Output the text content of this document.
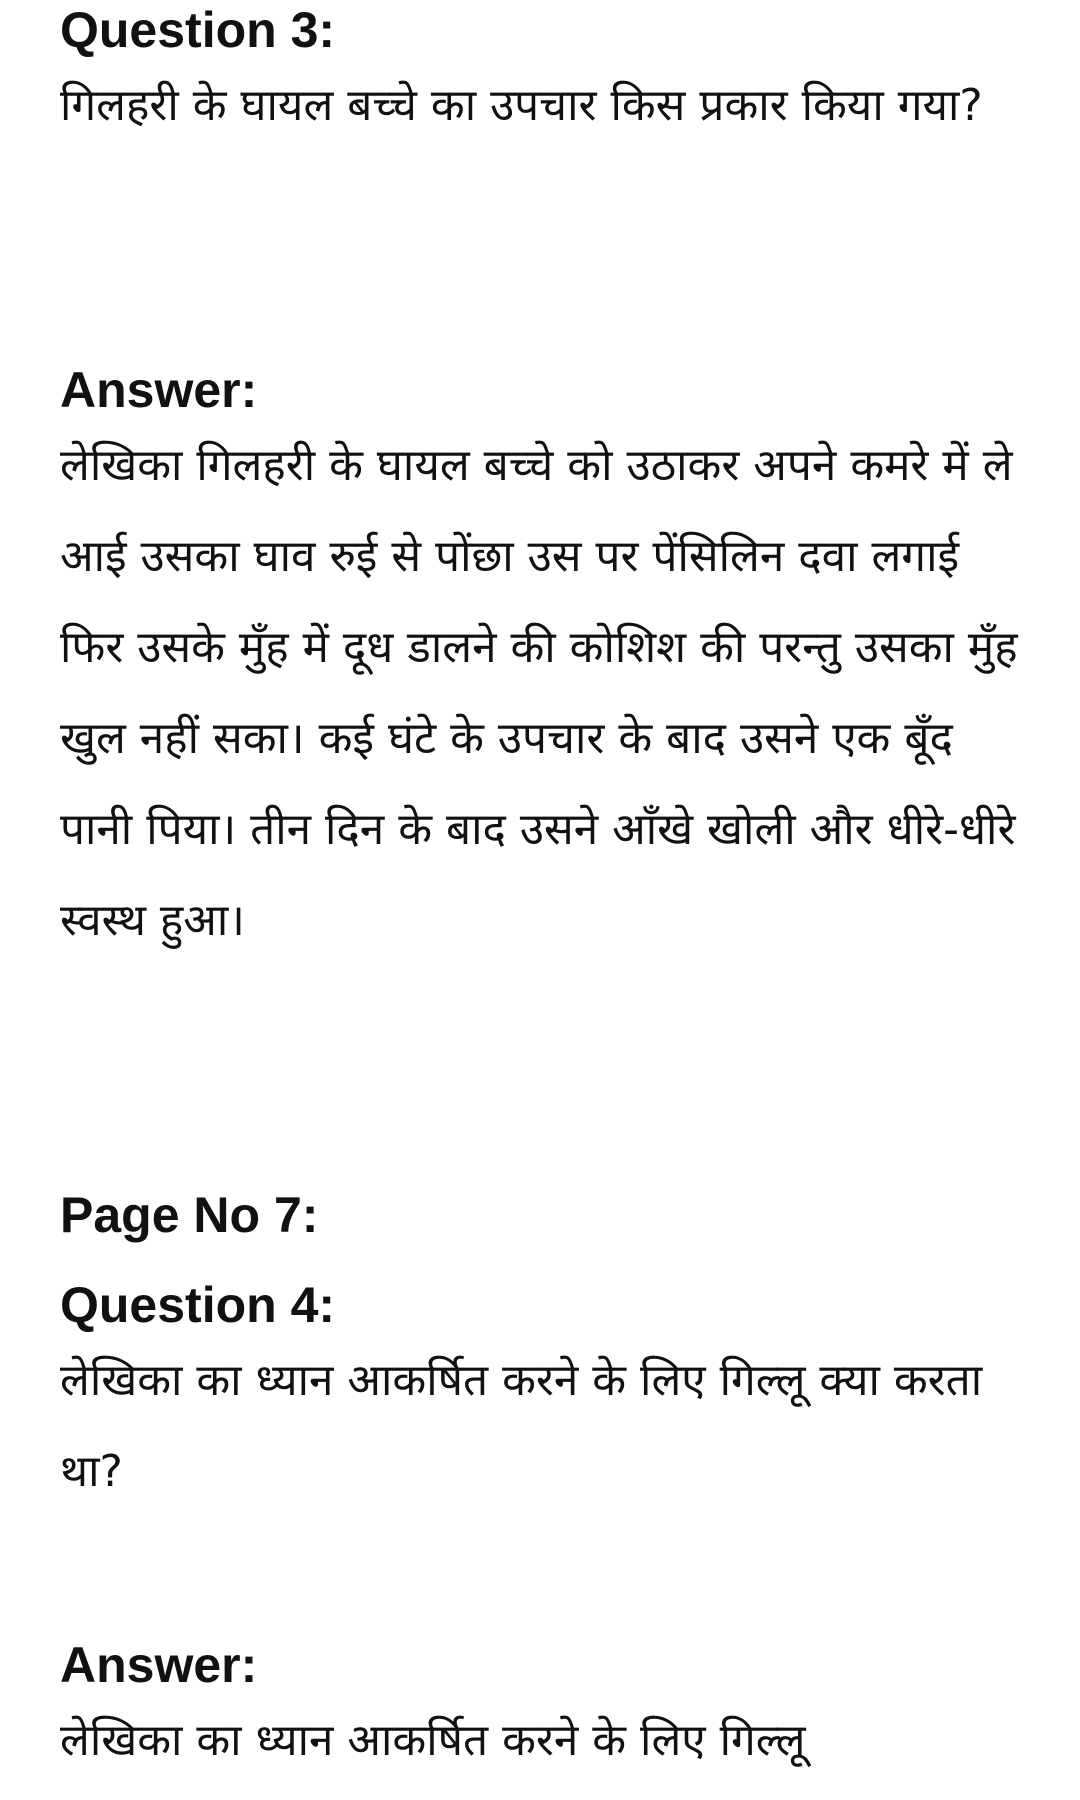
Question 3:

गिलहरी के घायल बच्चे का उपचार किस प्रकार किया गया?

Answer:

लेखिका गिलहरी के घायल बच्चे को उठाकर अपने कमरे में ले आई उसका घाव रुई से पोंछा उस पर पेंसिलिन दवा लगाई फिर उसके मुँह में दूध डालने की कोशिश की परन्तु उसका मुँह खुल नहीं सका। कई घंटे के उपचार के बाद उसने एक बूँद पानी पिया। तीन दिन के बाद उसने आँखे खोली और धीरे-धीरे स्वस्थ हुआ।

Page No 7:
Question 4:

लेखिका का ध्यान आकर्षित करने के लिए गिल्लू क्या करता था?

Answer:

लेखिका का ध्यान आकर्षित करने के लिए गिल्लू
